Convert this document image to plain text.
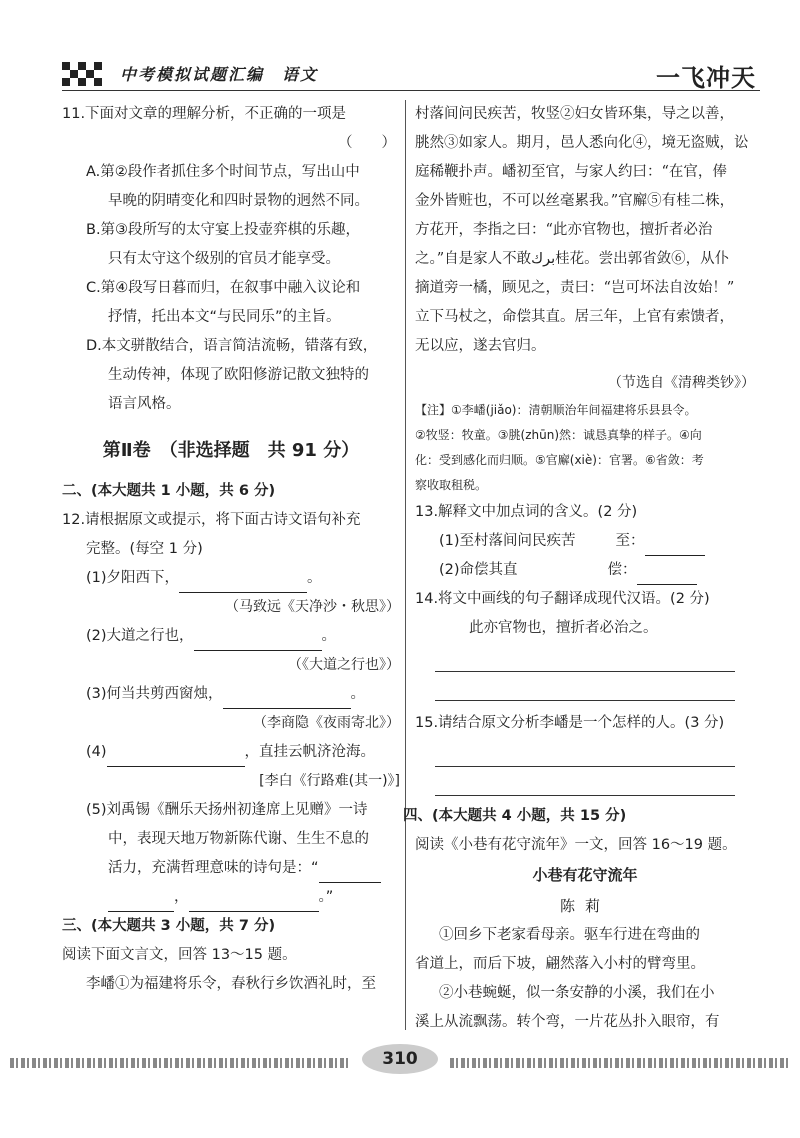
中考模拟试题汇编　语文	一飞冲天

11.下面对文章的理解分析，不正确的一项是

（　　）

A.第②段作者抓住多个时间节点，写出山中

早晚的阴晴变化和四时景物的迥然不同。

B.第③段所写的太守宴上投壶弈棋的乐趣，

只有太守这个级别的官员才能享受。

C.第④段写日暮而归，在叙事中融入议论和

抒情，托出本文“与民同乐”的主旨。

D.本文骈散结合，语言简洁流畅，错落有致，

生动传神，体现了欧阳修游记散文独特的

语言风格。

第Ⅱ卷　（非选择题　共 91 分）

二、(本大题共 1 小题，共 6 分)

12.请根据原文或提示，将下面古诗文语句补充

完整。(每空 1 分)

(1)夕阳西下，	。

（马致远《天净沙・秋思》）

(2)大道之行也，	。

（《大道之行也》）

(3)何当共剪西窗烛，	。

（李商隐《夜雨寄北》）

(4)	，直挂云帆济沧海。

[李白《行路难(其一)》]

(5)刘禹锡《酬乐天扬州初逢席上见赠》一诗

中，表现天地万物新陈代谢、生生不息的

活力，充满哲理意味的诗句是：“

，	。”

三、(本大题共 3 小题，共 7 分)

阅读下面文言文，回答 13～15 题。

李嶓①为福建将乐令，春秋行乡饮酒礼时，至

村落间问民疾苦，牧竖②妇女皆环集，导之以善，

朓然③如家人。期月，邑人悉向化④，境无盗贼，讼

庭稀鞭扑声。嶓初至官，与家人约曰：“在官，俸

金外皆赃也，不可以丝毫累我。”官廨⑤有桂二株，

方花开，李指之曰：“此亦官物也，擅折者必治

之。”自是家人不敢برك桂花。尝出郭省敛⑥，从仆

摘道旁一橘，顾见之，责曰：“岂可坏法自汝始！”

立下马杖之，命偿其直。居三年，上官有索馈者，

无以应，遂去官归。

（节选自《清稗类钞》）

【注】①李嶓(jiǎo)：清朝顺治年间福建将乐县县令。

②牧竖：牧童。③朓(zhūn)然：诚恳真挚的样子。④向

化：受到感化而归顺。⑤官廨(xiè)：官署。⑥省敛：考

察收取租税。

13.解释文中加点词的含义。(2 分)

(1)至村落间问民疾苦	至：

(2)命偿其直	偿：

14.将文中画线的句子翻译成现代汉语。(2 分)

此亦官物也，擅折者必治之。

15.请结合原文分析李嶓是一个怎样的人。(3 分)

四、(本大题共 4 小题，共 15 分)

阅读《小巷有花守流年》一文，回答 16～19 题。

小巷有花守流年

陈莉

①回乡下老家看母亲。驱车行进在弯曲的

省道上，而后下坡，翩然落入小村的臂弯里。

②小巷蜿蜒，似一条安静的小溪，我们在小

溪上从流飘荡。转个弯，一片花丛扑入眼帘，有

310
